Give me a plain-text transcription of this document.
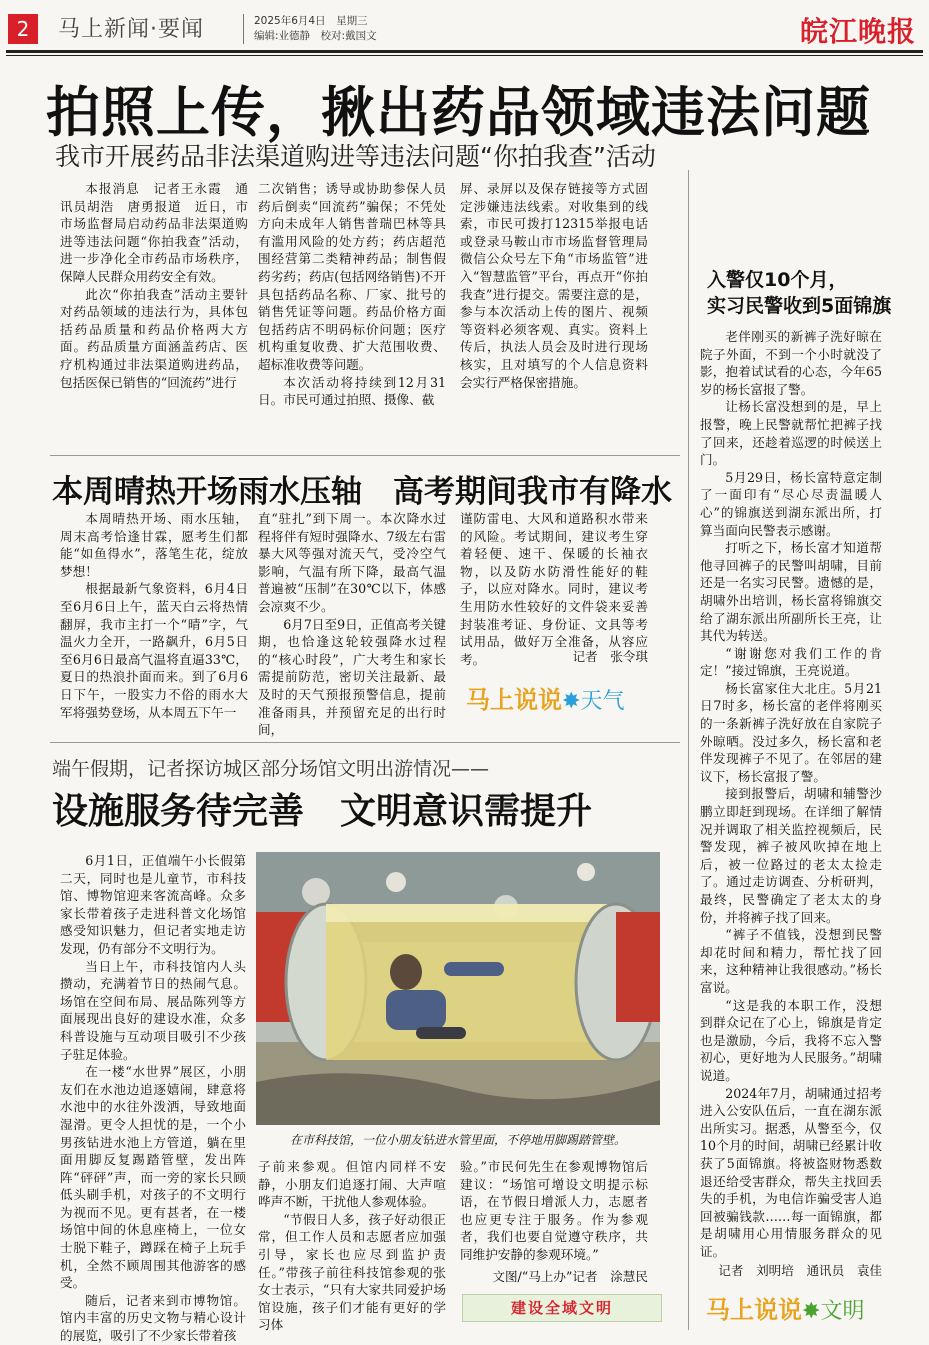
2	马上新闻·要闻	2025年6月4日　星期三
编辑:业德静　校对:戴国文	皖江晚报
拍照上传，揪出药品领域违法问题
我市开展药品非法渠道购进等违法问题“你拍我查”活动

本报消息　记者王永霞　通讯员胡浩　唐勇报道　近日，市市场监督局启动药品非法渠道购进等违法问题“你拍我查”活动，进一步净化全市药品市场秩序，保障人民群众用药安全有效。

此次“你拍我查”活动主要针对药品领域的违法行为，具体包括药品质量和药品价格两大方面。药品质量方面涵盖药店、医疗机构通过非法渠道购进药品，包括医保已销售的“回流药”进行

二次销售；诱导或协助参保人员药后倒卖“回流药”骗保；不凭处方向未成年人销售普瑞巴林等具有滥用风险的处方药；药店超范围经营第二类精神药品；制售假药劣药；药店(包括网络销售)不开具包括药品名称、厂家、批号的销售凭证等问题。药品价格方面包括药店不明码标价问题；医疗机构重复收费、扩大范围收费、超标准收费等问题。

本次活动将持续到12月31日。市民可通过拍照、摄像、截

屏、录屏以及保存链接等方式固定涉嫌违法线索。对收集到的线索，市民可拨打12315举报电话或登录马鞍山市市场监督管理局微信公众号左下角“市场监管”进入“智慧监管”平台，再点开“你拍我查”进行提交。需要注意的是，参与本次活动上传的图片、视频等资料必须客观、真实。资料上传后，执法人员会及时进行现场核实，且对填写的个人信息资料会实行严格保密措施。

本周晴热开场雨水压轴　高考期间我市有降水

本周晴热开场、雨水压轴，周末高考恰逢甘霖，愿考生们都能“如鱼得水”，落笔生花，绽放梦想！

根据最新气象资料，6月4日至6月6日上午，蓝天白云将热情翻屏，我市主打一个“晴”字，气温火力全开，一路飙升，6月5日至6月6日最高气温将直逼33℃，夏日的热浪扑面而来。到了6月6日下午，一股实力不俗的雨水大军将强势登场，从本周五下午一

直“驻扎”到下周一。本次降水过程将伴有短时强降水、7级左右雷暴大风等强对流天气，受冷空气影响，气温有所下降，最高气温普遍被“压制”在30℃以下，体感会凉爽不少。

6月7日至9日，正值高考关键期，也恰逢这轮较强降水过程的“核心时段”，广大考生和家长需提前防范，密切关注最新、最及时的天气预报预警信息，提前准备雨具，并预留充足的出行时间，

谨防雷电、大风和道路积水带来的风险。考试期间，建议考生穿着轻便、速干、保暖的长袖衣物，以及防水防滑性能好的鞋子，以应对降水。同时，建议考生用防水性较好的文件袋来妥善封装准考证、身份证、文具等考试用品，做好万全准备，从容应考。	记者　张令琪
马上说说✸天气
端午假期，记者探访城区部分场馆文明出游情况——
设施服务待完善　文明意识需提升

6月1日，正值端午小长假第二天，同时也是儿童节，市科技馆、博物馆迎来客流高峰。众多家长带着孩子走进科普文化场馆感受知识魅力，但记者实地走访发现，仍有部分不文明行为。

当日上午，市科技馆内人头攒动，充满着节日的热闹气息。场馆在空间布局、展品陈列等方面展现出良好的建设水准，众多科普设施与互动项目吸引不少孩子驻足体验。

在一楼“水世界”展区，小朋友们在水池边追逐嬉闹，肆意将水池中的水往外泼洒，导致地面湿滑。更令人担忧的是，一个小男孩钻进水池上方管道，躺在里面用脚反复踢踏管壁，发出阵阵“砰砰”声，而一旁的家长只顾低头刷手机，对孩子的不文明行为视而不见。更有甚者，在一楼场馆中间的休息座椅上，一位女士脱下鞋子，蹲踩在椅子上玩手机，全然不顾周围其他游客的感受。

随后，记者来到市博物馆。馆内丰富的历史文物与精心设计的展览，吸引了不少家长带着孩

在市科技馆，一位小朋友钻进水管里面，不停地用脚踢踏管壁。

子前来参观。但馆内同样不安静，小朋友们追逐打闹、大声喧哗声不断，干扰他人参观体验。

“节假日人多，孩子好动很正常，但工作人员和志愿者应加强引导，家长也应尽到监护责任。”带孩子前往科技馆参观的张女士表示，“只有大家共同爱护场馆设施，孩子们才能有更好的学习体

验。”市民何先生在参观博物馆后建议：“场馆可增设文明提示标语，在节假日增派人力，志愿者也应更专注于服务。作为参观者，我们也要自觉遵守秩序，共同维护安静的参观环境。”

文图/“马上办”记者　涂慧民
建设全域文明
入警仅10个月，
实习民警收到5面锦旗

老伴刚买的新裤子洗好晾在院子外面，不到一个小时就没了影，抱着试试看的心态，今年65岁的杨长富报了警。

让杨长富没想到的是，早上报警，晚上民警就帮忙把裤子找了回来，还趁着巡逻的时候送上门。

5月29日，杨长富特意定制了一面印有“尽心尽责温暖人心”的锦旗送到湖东派出所，打算当面向民警表示感谢。

打听之下，杨长富才知道帮他寻回裤子的民警叫胡啸，目前还是一名实习民警。遗憾的是，胡啸外出培训，杨长富将锦旗交给了湖东派出所副所长王亮，让其代为转送。

“谢谢您对我们工作的肯定！”接过锦旗，王亮说道。

杨长富家住大北庄。5月21日7时多，杨长富的老伴将刚买的一条新裤子洗好放在自家院子外晾晒。没过多久，杨长富和老伴发现裤子不见了。在邻居的建议下，杨长富报了警。

接到报警后，胡啸和辅警沙鹏立即赶到现场。在详细了解情况并调取了相关监控视频后，民警发现，裤子被风吹掉在地上后，被一位路过的老太太捡走了。通过走访调查、分析研判，最终，民警确定了老太太的身份，并将裤子找了回来。

“裤子不值钱，没想到民警却花时间和精力，帮忙找了回来，这种精神让我很感动。”杨长富说。

“这是我的本职工作，没想到群众记在了心上，锦旗是肯定也是激励，今后，我将不忘入警初心，更好地为人民服务。”胡啸说道。

2024年7月，胡啸通过招考进入公安队伍后，一直在湖东派出所实习。据悉，从警至今，仅10个月的时间，胡啸已经累计收获了5面锦旗。将被盗财物悉数退还给受害群众，帮失主找回丢失的手机，为电信诈骗受害人追回被骗钱款……每一面锦旗，都是胡啸用心用情服务群众的见证。

记者　刘明培　通讯员　袁佳
马上说说✸文明
